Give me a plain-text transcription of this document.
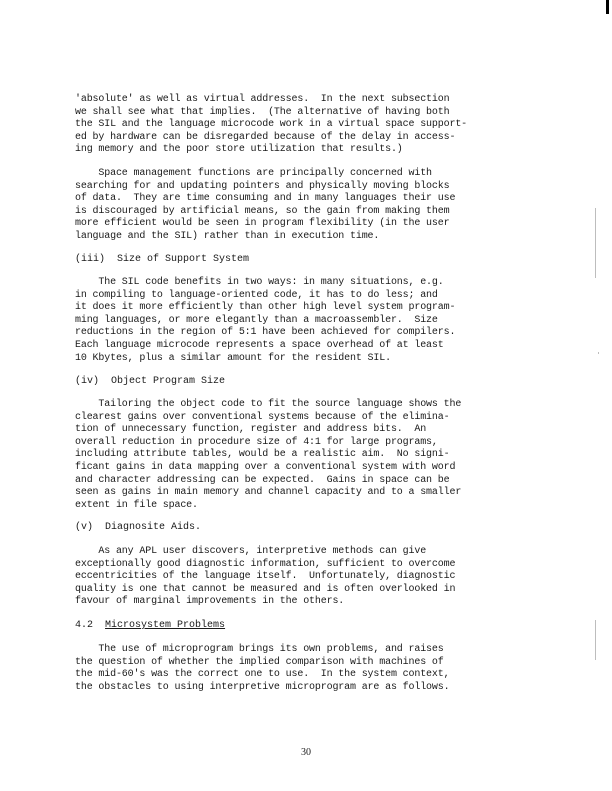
'absolute' as well as virtual addresses.  In the next subsection
we shall see what that implies.  (The alternative of having both
the SIL and the language microcode work in a virtual space support-
ed by hardware can be disregarded because of the delay in access-
ing memory and the poor store utilization that results.)

Space management functions are principally concerned with
searching for and updating pointers and physically moving blocks
of data.  They are time consuming and in many languages their use
is discouraged by artificial means, so the gain from making them
more efficient would be seen in program flexibility (in the user
language and the SIL) rather than in execution time.

(iii)  Size of Support System

The SIL code benefits in two ways: in many situations, e.g.
in compiling to language-oriented code, it has to do less; and
it does it more efficiently than other high level system program-
ming languages, or more elegantly than a macroassembler.  Size
reductions in the region of 5:1 have been achieved for compilers.
Each language microcode represents a space overhead of at least
10 Kbytes, plus a similar amount for the resident SIL.

(iv)  Object Program Size

Tailoring the object code to fit the source language shows the
clearest gains over conventional systems because of the elimina-
tion of unnecessary function, register and address bits.  An
overall reduction in procedure size of 4:1 for large programs,
including attribute tables, would be a realistic aim.  No signi-
ficant gains in data mapping over a conventional system with word
and character addressing can be expected.  Gains in space can be
seen as gains in main memory and channel capacity and to a smaller
extent in file space.

(v)  Diagnosite Aids.

As any APL user discovers, interpretive methods can give
exceptionally good diagnostic information, sufficient to overcome
eccentricities of the language itself.  Unfortunately, diagnostic
quality is one that cannot be measured and is often overlooked in
favour of marginal improvements in the others.

4.2 Microsystem Problems

The use of microprogram brings its own problems, and raises
the question of whether the implied comparison with machines of
the mid-60's was the correct one to use.  In the system context,
the obstacles to using interpretive microprogram are as follows.

30
